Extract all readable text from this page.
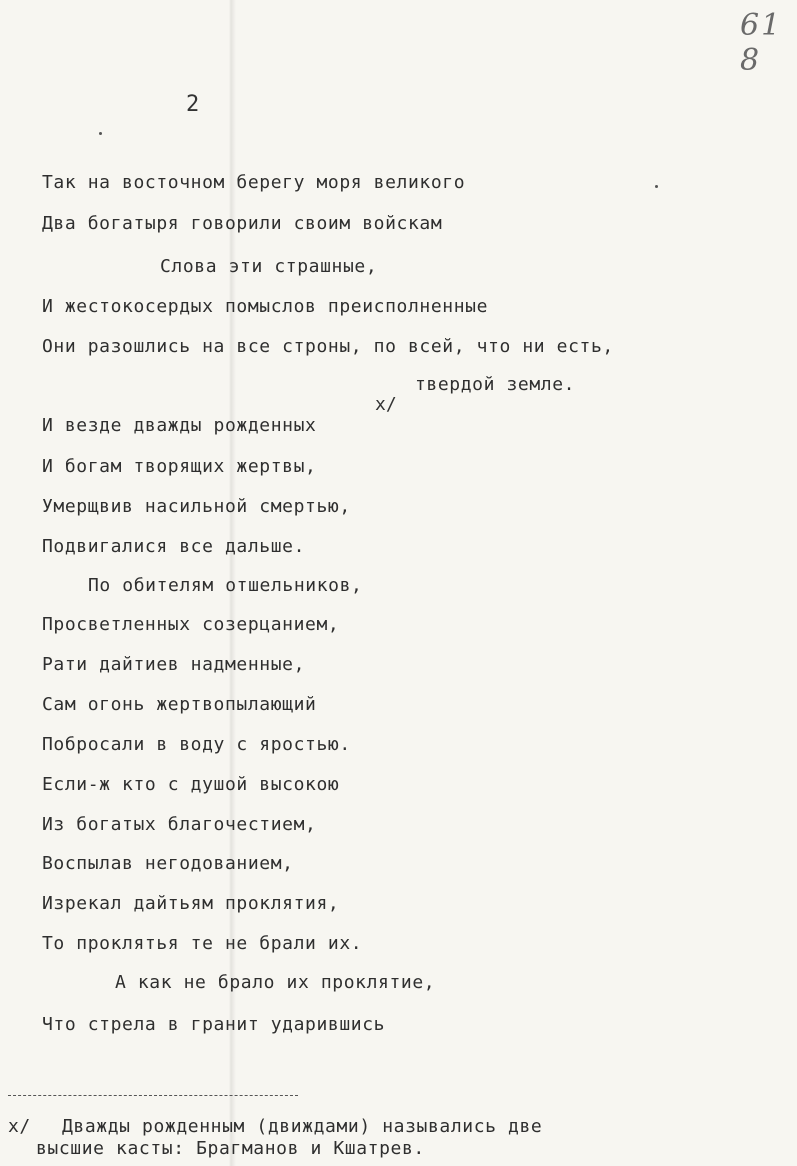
61 8
2
Так на восточном берегу моря великого
Два богатыря говорили своим войскам
Слова эти страшные,
И жестокосердых помыслов преисполненные
Они разошлись на все строны, по всей, что ни есть,
твердой земле.
x/
И везде дважды рожденных
И богам творящих жертвы,
Умерщвив насильной смертью,
Подвигалися все дальше.
По обителям отшельников,
Просветленных созерцанием,
Рати дайтиев надменные,
Сам огонь жертвопылающий
Побросали в воду с яростью.
Если-ж кто с душой высокою
Из богатых благочестием,
Воспылав негодованием,
Изрекал дайтьям проклятия,
То проклятья те не брали их.
А как не брало их проклятие,
Что стрела в гранит ударившись
x/ Дважды рожденным (движдами) назывались две
высшие касты: Брагманов и Кшатрев.
